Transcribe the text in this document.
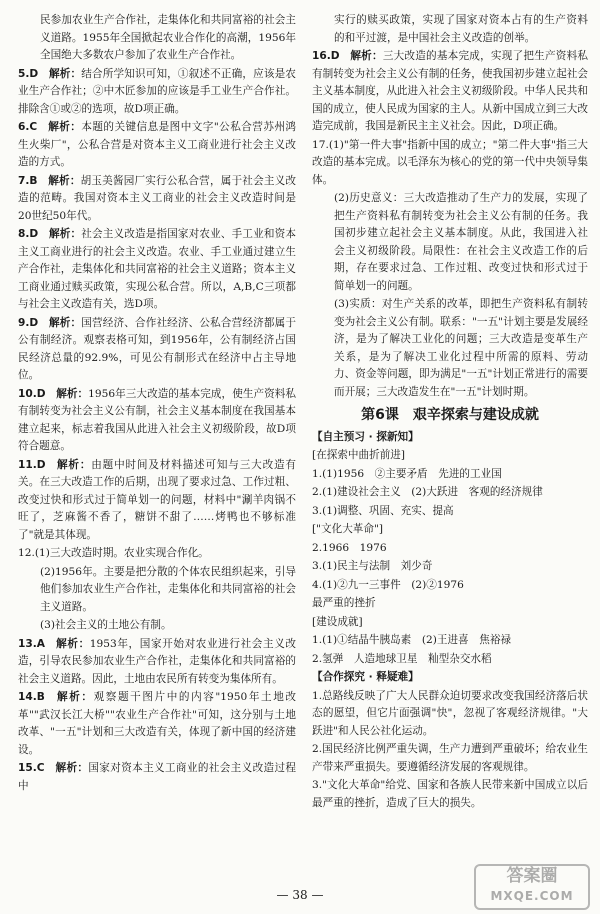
民参加农业生产合作社，走集体化和共同富裕的社会主义道路。1955年全国掀起农业合作化的高潮，1956年全国绝大多数农户参加了农业生产合作社。

5.D  解析：结合所学知识可知，①叙述不正确，应该是农业生产合作社；②中木匠参加的应该是手工业生产合作社。排除含①或②的选项，故D项正确。

6.C  解析：本题的关键信息是图中文字"公私合营苏州鸿生火柴厂"，公私合营是对资本主义工商业进行社会主义改造的方式。

7.B  解析：胡玉美酱园厂实行公私合营，属于社会主义改造的范畴。我国对资本主义工商业的社会主义改造时间是20世纪50年代。

8.D  解析：社会主义改造是指国家对农业、手工业和资本主义工商业进行的社会主义改造。农业、手工业通过建立生产合作社，走集体化和共同富裕的社会主义道路；资本主义工商业通过赎买政策，实现公私合营。所以，A,B,C三项都与社会主义改造有关，选D项。

9.D  解析：国营经济、合作社经济、公私合营经济都属于公有制经济。观察表格可知，到1956年，公有制经济占国民经济总量的92.9%，可见公有制形式在经济中占主导地位。

10.D  解析：1956年三大改造的基本完成，使生产资料私有制转变为社会主义公有制，社会主义基本制度在我国基本建立起来，标志着我国从此进入社会主义初级阶段，故D项符合题意。

11.D  解析：由题中时间及材料描述可知与三大改造有关。在三大改造工作的后期，出现了要求过急、工作过粗、改变过快和形式过于简单划一的问题，材料中"涮羊肉锅不旺了，芝麻酱不香了，糖饼不甜了……烤鸭也不够标准了"就是其体现。

12.(1)三大改造时期。农业实现合作化。

(2)1956年。主要是把分散的个体农民组织起来，引导他们参加农业生产合作社，走集体化和共同富裕的社会主义道路。

(3)社会主义的土地公有制。

13.A  解析：1953年，国家开始对农业进行社会主义改造，引导农民参加农业生产合作社，走集体化和共同富裕的社会主义道路。因此，土地由农民所有转变为集体所有。

14.B  解析：观察题干图片中的内容"1950年土地改革""武汉长江大桥""农业生产合作社"可知，这分别与土地改革、"一五"计划和三大改造有关，体现了新中国的经济建设。

15.C  解析：国家对资本主义工商业的社会主义改造过程中

实行的赎买政策，实现了国家对资本占有的生产资料的和平过渡，是中国社会主义改造的创举。

16.D  解析：三大改造的基本完成，实现了把生产资料私有制转变为社会主义公有制的任务，使我国初步建立起社会主义基本制度，从此进入社会主义初级阶段。中华人民共和国的成立，使人民成为国家的主人。从新中国成立到三大改造完成前，我国是新民主主义社会。因此，D项正确。

17.(1)"第一件大事"指新中国的成立；"第二件大事"指三大改造的基本完成。以毛泽东为核心的党的第一代中央领导集体。

(2)历史意义：三大改造推动了生产力的发展，实现了把生产资料私有制转变为社会主义公有制的任务。我国初步建立起社会主义基本制度。从此，我国进入社会主义初级阶段。局限性：在社会主义改造工作的后期，存在要求过急、工作过粗、改变过快和形式过于简单划一的问题。

(3)实质：对生产关系的改革，即把生产资料私有制转变为社会主义公有制。联系："一五"计划主要是发展经济，是为了解决工业化的问题；三大改造是变革生产关系，是为了解决工业化过程中所需的原料、劳动力、资金等问题，即为满足"一五"计划正常进行的需要而开展；三大改造发生在"一五"计划时期。

第6课　艰辛探索与建设成就
【自主预习 · 探新知】
[在探索中曲折前进]
1.(1)1956　②主要矛盾　先进的工业国
2.(1)建设社会主义　(2)大跃进　客观的经济规律
3.(1)调整、巩固、充实、提高
["文化大革命"]
2.1966　1976
3.(1)民主与法制　刘少奇
4.(1)②九一三事件　(2)②1976
最严重的挫折
[建设成就]
1.(1)①结晶牛胰岛素　(2)王进喜　焦裕禄
2.氢弹　人造地球卫星　籼型杂交水稻
【合作探究 · 释疑难】

1.总路线反映了广大人民群众迫切要求改变我国经济落后状态的愿望，但它片面强调"快"，忽视了客观经济规律。"大跃进"和人民公社化运动。

2.国民经济比例严重失调，生产力遭到严重破坏；给农业生产带来严重损失。要遵循经济发展的客观规律。

3."文化大革命"给党、国家和各族人民带来新中国成立以后最严重的挫折，造成了巨大的损失。

— 38 —
答案圈
MXQE.COM
